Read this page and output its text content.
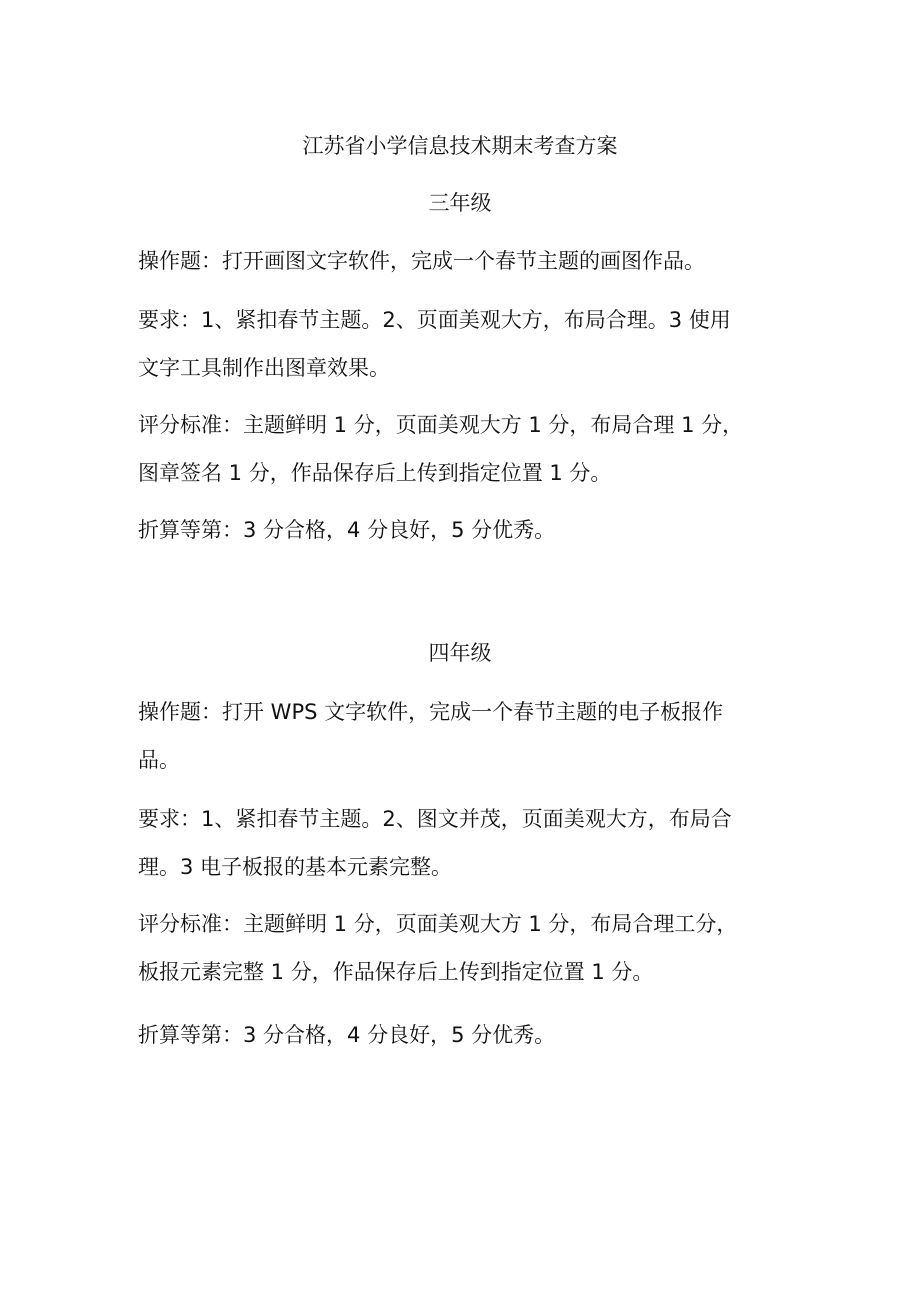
江苏省小学信息技术期末考查方案
三年级

操作题：打开画图文字软件，完成一个春节主题的画图作品。

要求：1、紧扣春节主题。2、页面美观大方，布局合理。3 使用
文字工具制作出图章效果。

评分标准：主题鲜明 1 分，页面美观大方 1 分，布局合理 1 分，
图章签名 1 分，作品保存后上传到指定位置 1 分。

折算等第：3 分合格，4 分良好，5 分优秀。

四年级

操作题：打开 WPS 文字软件，完成一个春节主题的电子板报作
品。

要求：1、紧扣春节主题。2、图文并茂，页面美观大方，布局合
理。3 电子板报的基本元素完整。

评分标准：主题鲜明 1 分，页面美观大方 1 分，布局合理工分，
板报元素完整 1 分，作品保存后上传到指定位置 1 分。

折算等第：3 分合格，4 分良好，5 分优秀。
